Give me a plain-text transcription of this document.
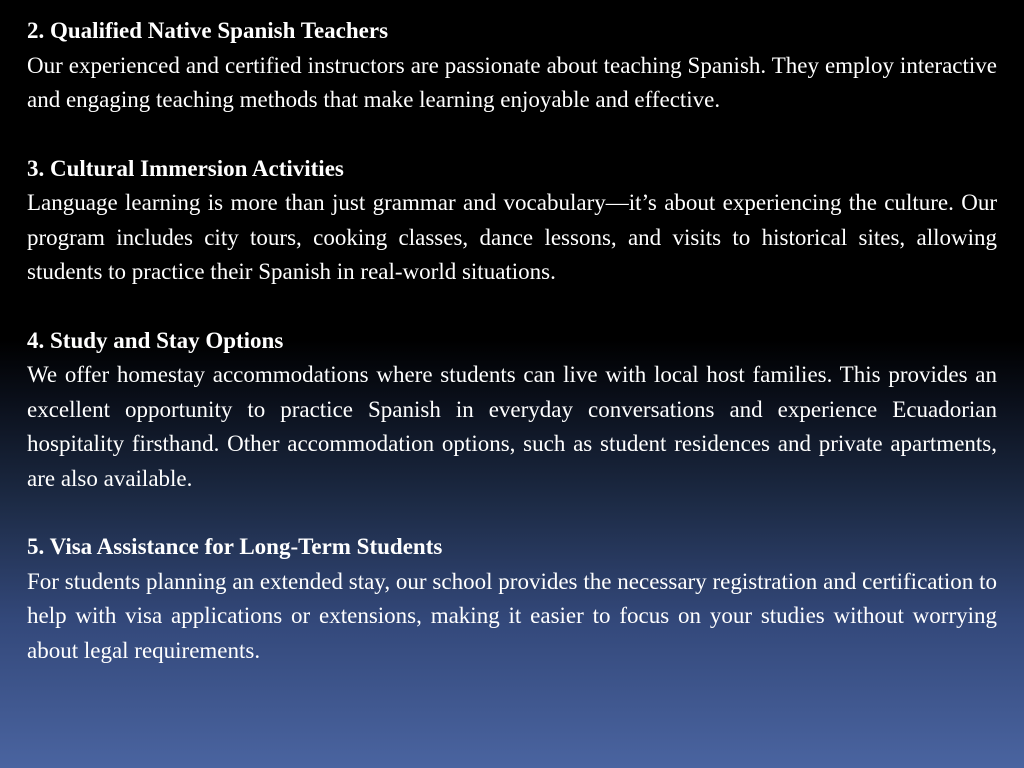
2. Qualified Native Spanish Teachers

Our experienced and certified instructors are passionate about teaching Spanish. They employ interactive and engaging teaching methods that make learning enjoyable and effective.

3. Cultural Immersion Activities

Language learning is more than just grammar and vocabulary—it’s about experiencing the culture. Our program includes city tours, cooking classes, dance lessons, and visits to historical sites, allowing students to practice their Spanish in real-world situations.

4. Study and Stay Options

We offer homestay accommodations where students can live with local host families. This provides an excellent opportunity to practice Spanish in everyday conversations and experience Ecuadorian hospitality firsthand. Other accommodation options, such as student residences and private apartments, are also available.

5. Visa Assistance for Long-Term Students

For students planning an extended stay, our school provides the necessary registration and certification to help with visa applications or extensions, making it easier to focus on your studies without worrying about legal requirements.
